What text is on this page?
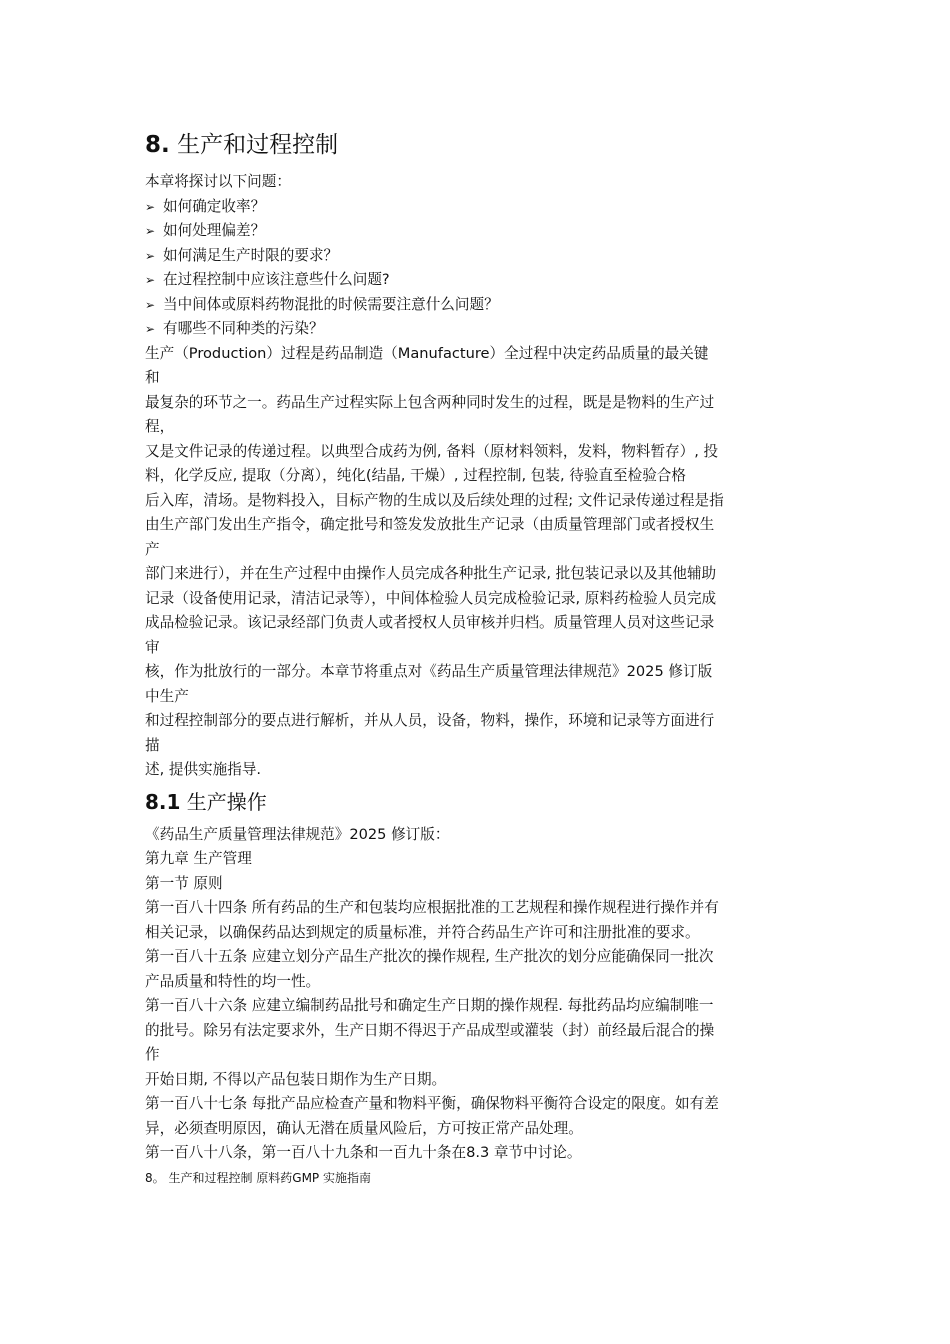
8. 生产和过程控制

本章将探讨以下问题：

➢ 如何确定收率？

➢ 如何处理偏差？

➢ 如何满足生产时限的要求？

➢ 在过程控制中应该注意些什么问题?

➢ 当中间体或原料药物混批的时候需要注意什么问题？

➢ 有哪些不同种类的污染？

生产（Production）过程是药品制造（Manufacture）全过程中决定药品质量的最关键

和

最复杂的环节之一。药品生产过程实际上包含两种同时发生的过程，既是是物料的生产过

程，

又是文件记录的传递过程。以典型合成药为例, 备料（原材料领料，发料，物料暂存）, 投

料，化学反应, 提取（分离），纯化(结晶, 干燥）, 过程控制, 包装, 待验直至检验合格

后入库，清场。是物料投入，目标产物的生成以及后续处理的过程; 文件记录传递过程是指

由生产部门发出生产指令，确定批号和签发发放批生产记录（由质量管理部门或者授权生

产

部门来进行），并在生产过程中由操作人员完成各种批生产记录, 批包装记录以及其他辅助

记录（设备使用记录，清洁记录等），中间体检验人员完成检验记录, 原料药检验人员完成

成品检验记录。该记录经部门负责人或者授权人员审核并归档。质量管理人员对这些记录

审

核，作为批放行的一部分。本章节将重点对《药品生产质量管理法律规范》2025 修订版

中生产

和过程控制部分的要点进行解析，并从人员，设备，物料，操作，环境和记录等方面进行

描

述, 提供实施指导.

8.1 生产操作

《药品生产质量管理法律规范》2025 修订版：

第九章 生产管理

第一节 原则

第一百八十四条 所有药品的生产和包装均应根据批准的工艺规程和操作规程进行操作并有

相关记录，以确保药品达到规定的质量标准，并符合药品生产许可和注册批准的要求。

第一百八十五条 应建立划分产品生产批次的操作规程, 生产批次的划分应能确保同一批次

产品质量和特性的均一性。

第一百八十六条 应建立编制药品批号和确定生产日期的操作规程. 每批药品均应编制唯一

的批号。除另有法定要求外，生产日期不得迟于产品成型或灌装（封）前经最后混合的操

作

开始日期, 不得以产品包装日期作为生产日期。

第一百八十七条 每批产品应检查产量和物料平衡，确保物料平衡符合设定的限度。如有差

异，必须查明原因，确认无潜在质量风险后，方可按正常产品处理。

第一百八十八条，第一百八十九条和一百九十条在8.3 章节中讨论。

8。 生产和过程控制 原料药GMP 实施指南
